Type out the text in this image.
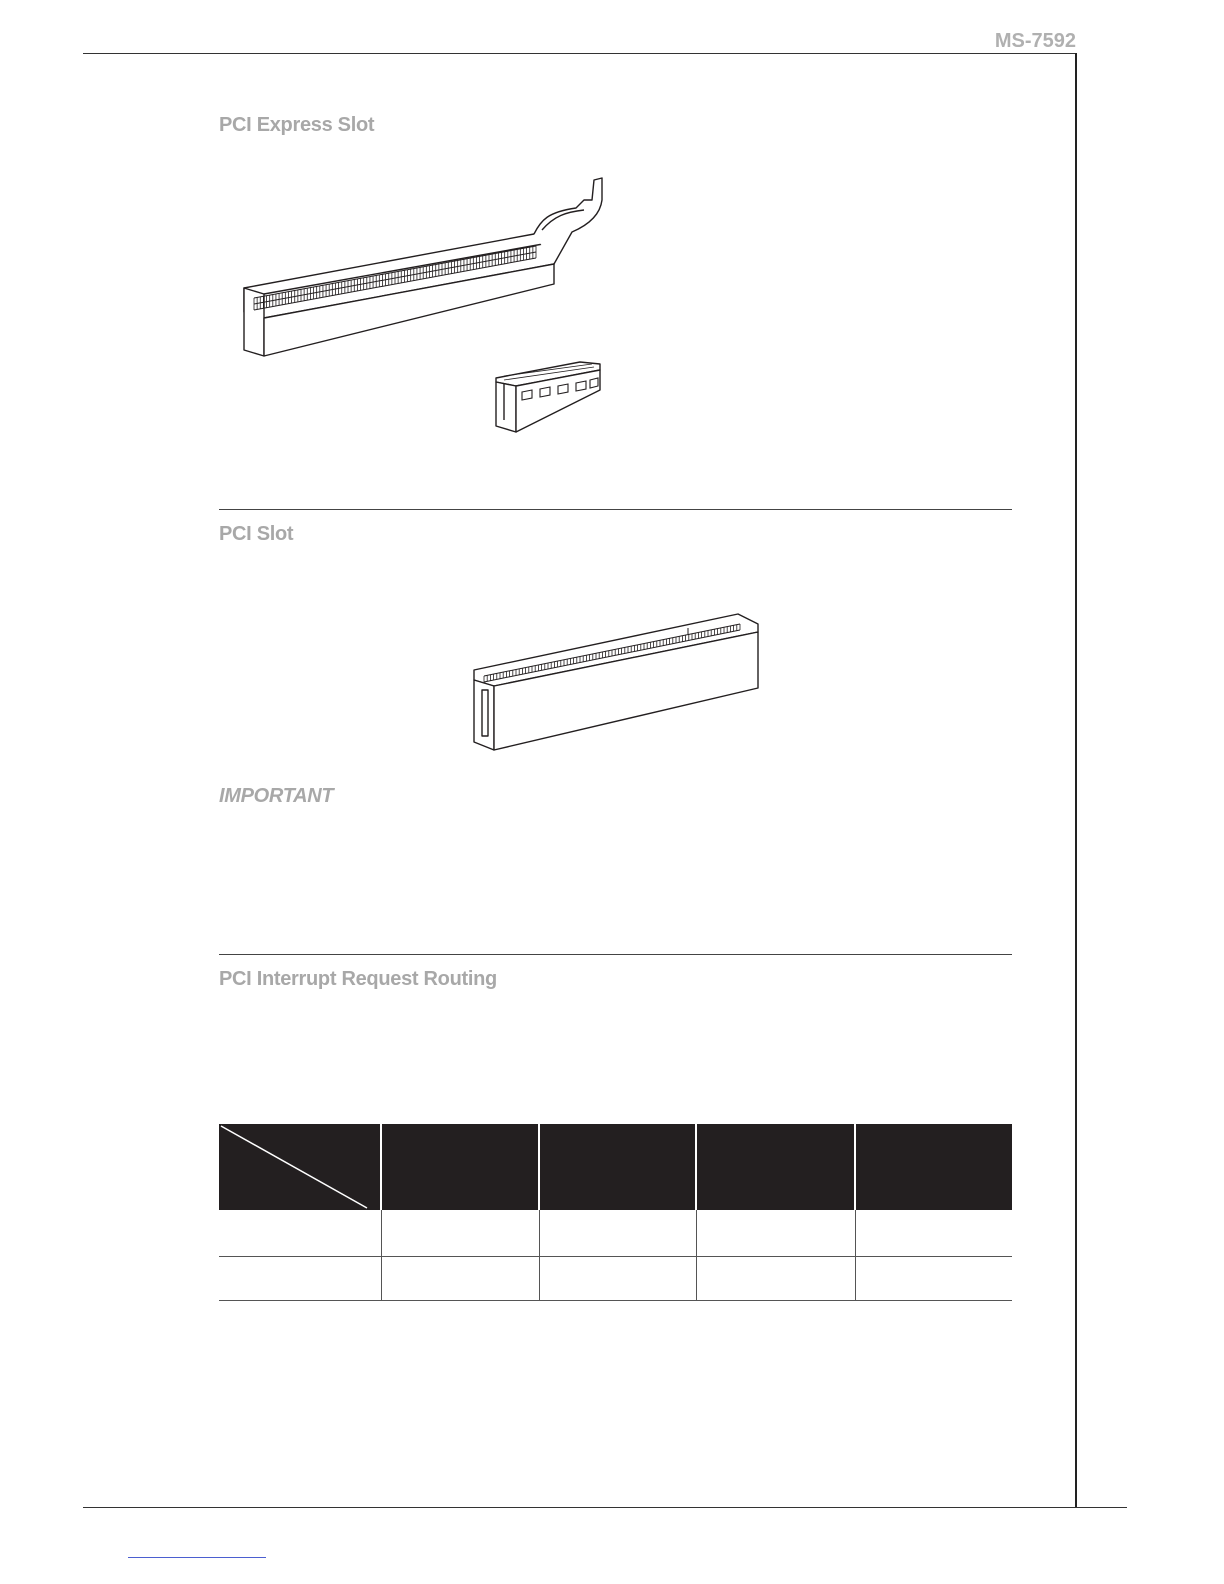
MS-7592
PCI Express Slot
PCI Slot
IMPORTANT
PCI Interrupt Request Routing
